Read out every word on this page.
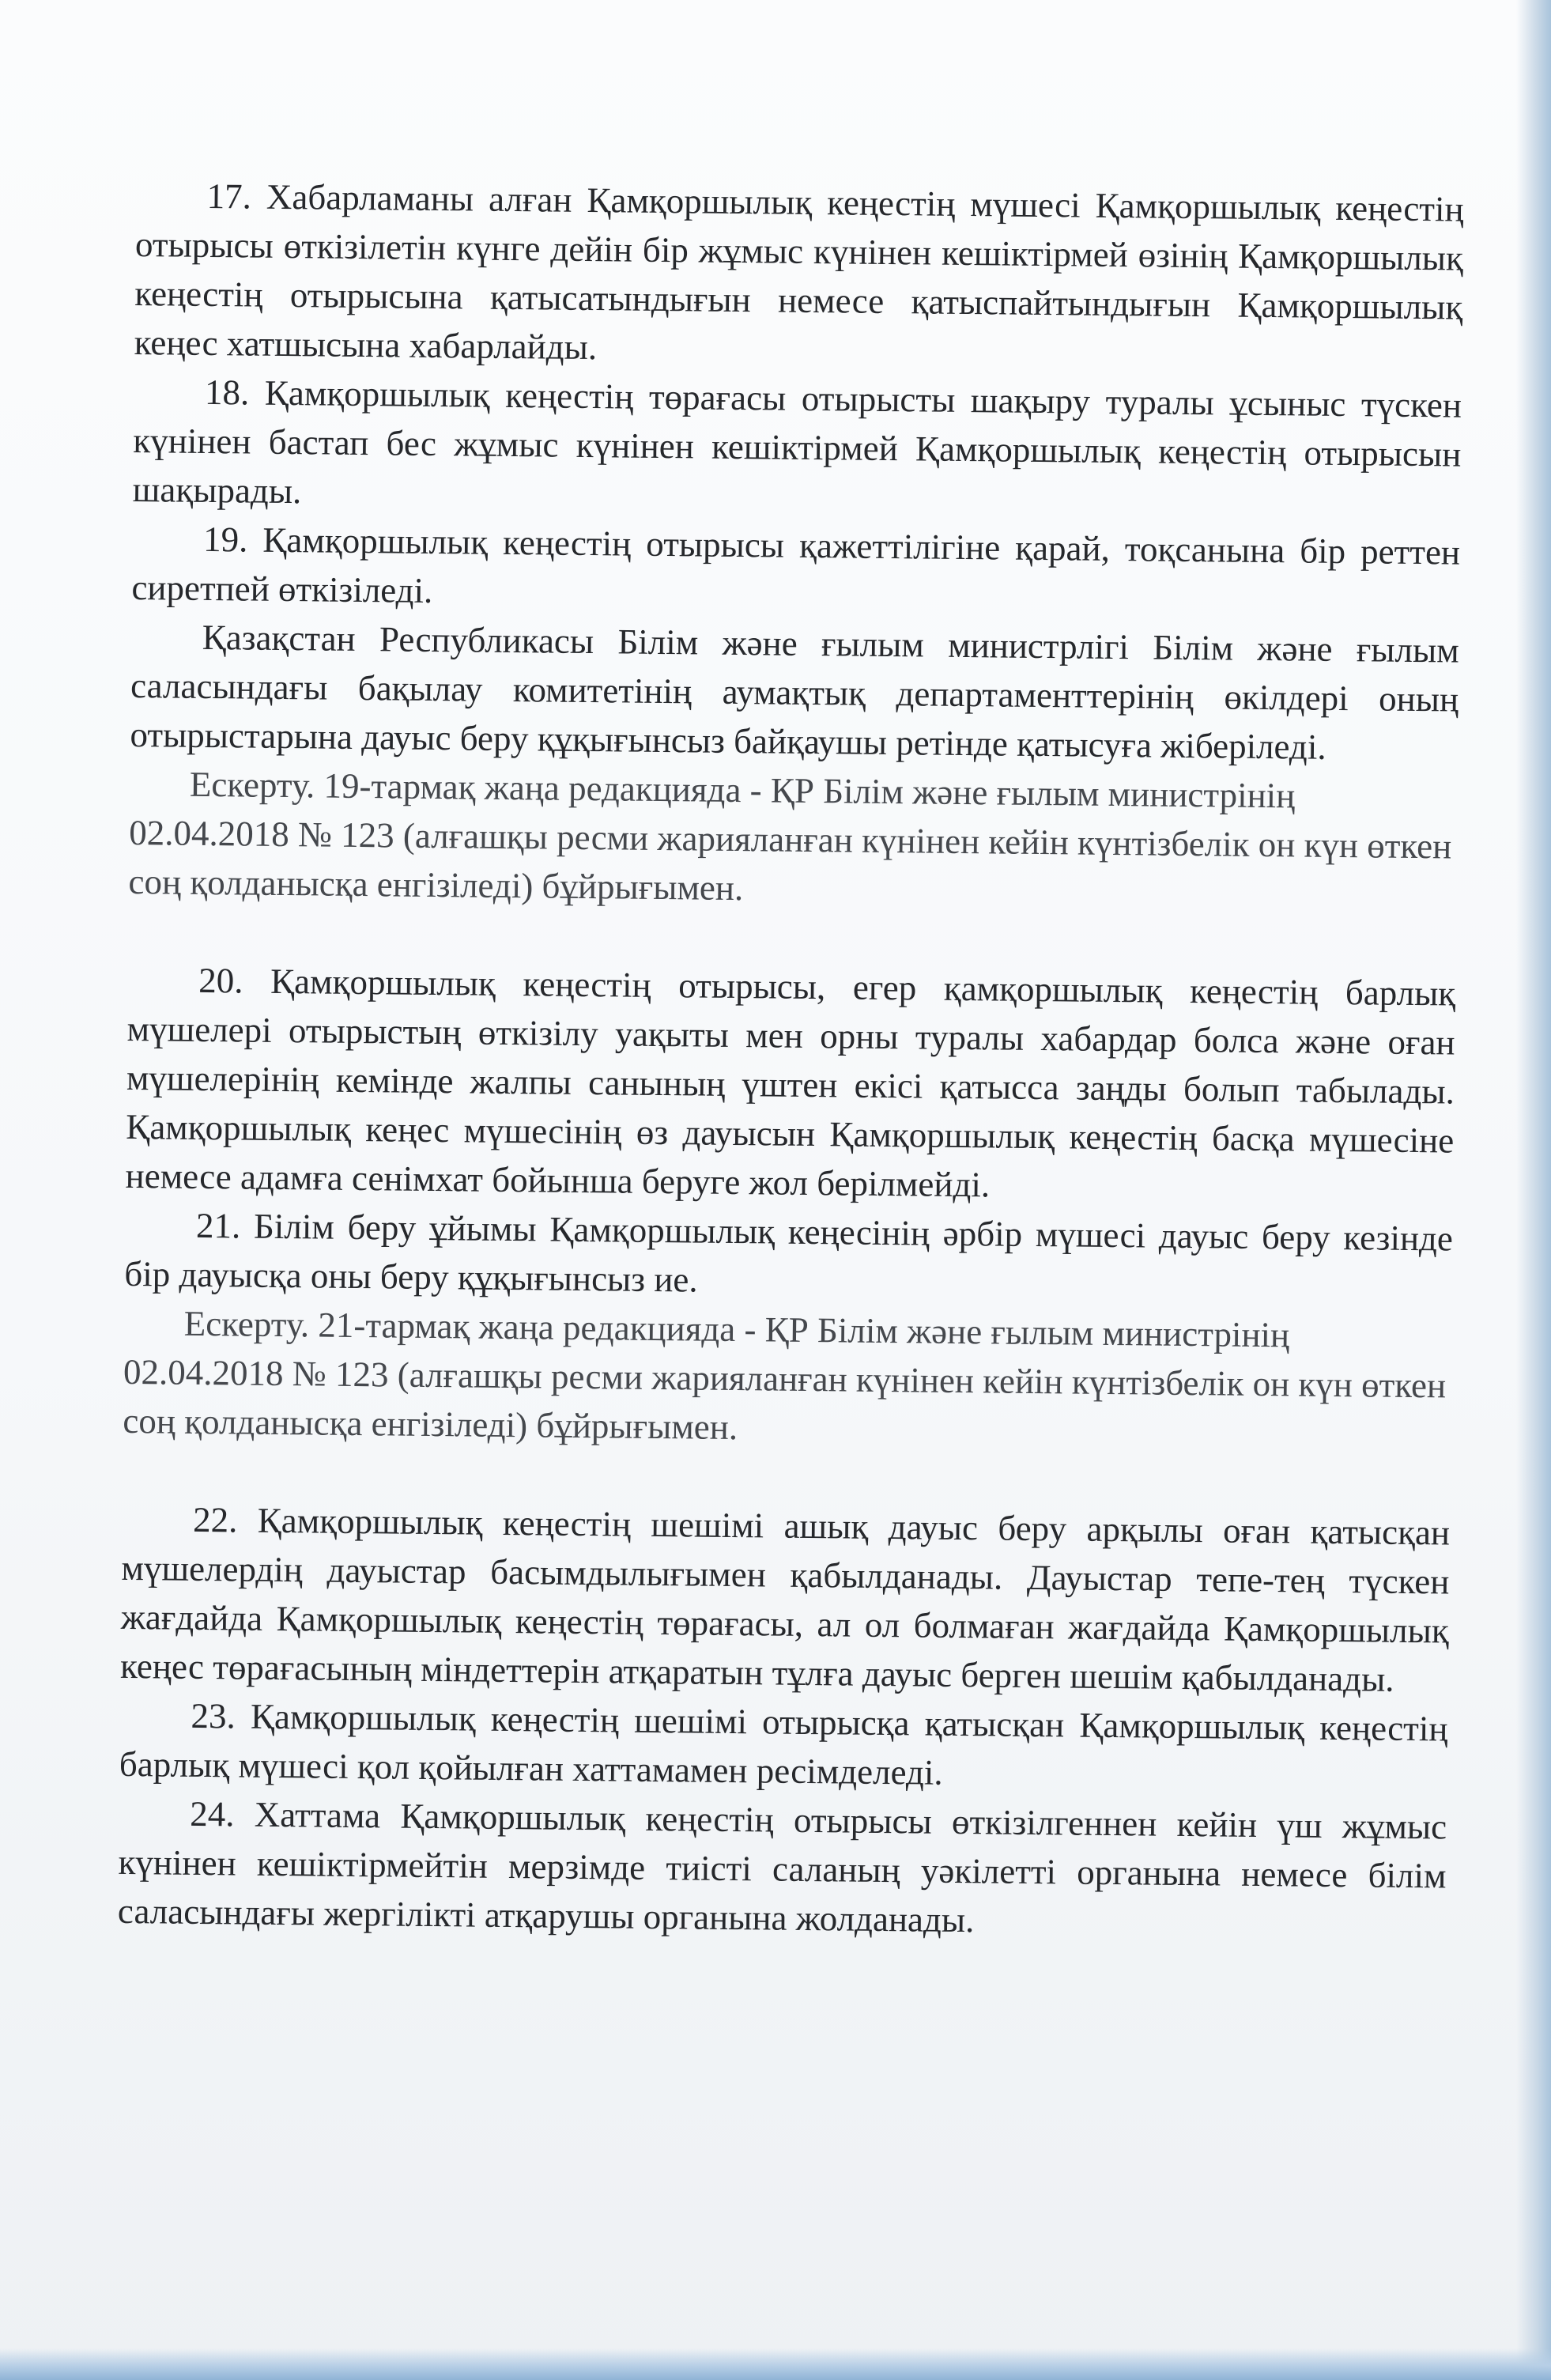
17. Хабарламаны алған Қамқоршылық кеңестің мүшесі Қамқоршылық кеңестің отырысы өткізілетін күнге дейін бір жұмыс күнінен кешіктірмей өзінің Қамқоршылық кеңестің отырысына қатысатындығын немесе қатыспайтындығын Қамқоршылық кеңес хатшысына хабарлайды.

18. Қамқоршылық кеңестің төрағасы отырысты шақыру туралы ұсыныс түскен күнінен бастап бес жұмыс күнінен кешіктірмей Қамқоршылық кеңестің отырысын шақырады.

19. Қамқоршылық кеңестің отырысы қажеттілігіне қарай, тоқсанына бір реттен сиретпей өткізіледі.

Қазақстан Республикасы Білім және ғылым министрлігі Білім және ғылым саласындағы бақылау комитетінің аумақтық департаменттерінің өкілдері оның отырыстарына дауыс беру құқығынсыз байқаушы ретінде қатысуға жіберіледі.

Ескерту. 19-тармақ жаңа редакцияда - ҚР Білім және ғылым министрінің 02.04.2018 № 123 (алғашқы ресми жарияланған күнінен кейін күнтізбелік он күн өткен соң қолданысқа енгізіледі) бұйрығымен.

20. Қамқоршылық кеңестің отырысы, егер қамқоршылық кеңестің барлық мүшелері отырыстың өткізілу уақыты мен орны туралы хабардар болса және оған мүшелерінің кемінде жалпы санының үштен екісі қатысса заңды болып табылады. Қамқоршылық кеңес мүшесінің өз дауысын Қамқоршылық кеңестің басқа мүшесіне немесе адамға сенімхат бойынша беруге жол берілмейді.

21. Білім беру ұйымы Қамқоршылық кеңесінің әрбір мүшесі дауыс беру кезінде бір дауысқа оны беру құқығынсыз ие.

Ескерту. 21-тармақ жаңа редакцияда - ҚР Білім және ғылым министрінің 02.04.2018 № 123 (алғашқы ресми жарияланған күнінен кейін күнтізбелік он күн өткен соң қолданысқа енгізіледі) бұйрығымен.

22. Қамқоршылық кеңестің шешімі ашық дауыс беру арқылы оған қатысқан мүшелердің дауыстар басымдылығымен қабылданады. Дауыстар тепе-тең түскен жағдайда Қамқоршылық кеңестің төрағасы, ал ол болмаған жағдайда Қамқоршылық кеңес төрағасының міндеттерін атқаратын тұлға дауыс берген шешім қабылданады.

23. Қамқоршылық кеңестің шешімі отырысқа қатысқан Қамқоршылық кеңестің барлық мүшесі қол қойылған хаттамамен ресімделеді.

24. Хаттама Қамқоршылық кеңестің отырысы өткізілгеннен кейін үш жұмыс күнінен кешіктірмейтін мерзімде тиісті саланың уәкілетті органына немесе білім саласындағы жергілікті атқарушы органына жолданады.
